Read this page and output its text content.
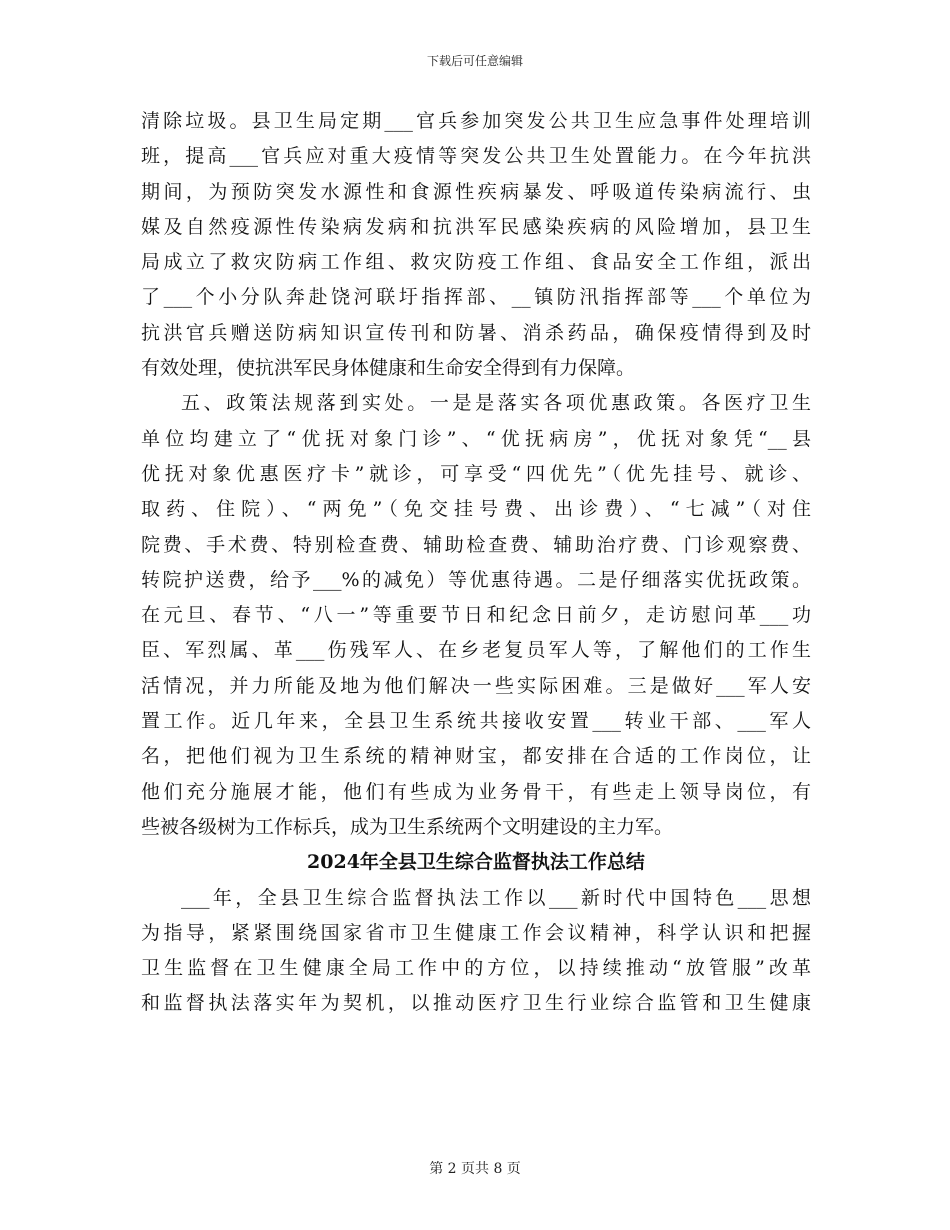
下载后可任意编辑
清除垃圾。县卫生局定期___官兵参加突发公共卫生应急事件处理培训
班，提高___官兵应对重大疫情等突发公共卫生处置能力。在今年抗洪
期间，为预防突发水源性和食源性疾病暴发、呼吸道传染病流行、虫
媒及自然疫源性传染病发病和抗洪军民感染疾病的风险增加，县卫生
局成立了救灾防病工作组、救灾防疫工作组、食品安全工作组，派出
了___个小分队奔赴饶河联圩指挥部、__镇防汛指挥部等___个单位为
抗洪官兵赠送防病知识宣传刊和防暑、消杀药品，确保疫情得到及时
有效处理，使抗洪军民身体健康和生命安全得到有力保障。
五、政策法规落到实处。一是是落实各项优惠政策。各医疗卫生
单位均建立了“优抚对象门诊”、“优抚病房”，优抚对象凭“__县
优抚对象优惠医疗卡”就诊，可享受“四优先”（优先挂号、就诊、
取药、住院）、“两免”（免交挂号费、出诊费）、“七减”（对住
院费、手术费、特别检查费、辅助检查费、辅助治疗费、门诊观察费、
转院护送费，给予___%的减免）等优惠待遇。二是仔细落实优抚政策。
在元旦、春节、“八一”等重要节日和纪念日前夕，走访慰问革___功
臣、军烈属、革___伤残军人、在乡老复员军人等，了解他们的工作生
活情况，并力所能及地为他们解决一些实际困难。三是做好___军人安
置工作。近几年来，全县卫生系统共接收安置___转业干部、___军人
名，把他们视为卫生系统的精神财宝，都安排在合适的工作岗位，让
他们充分施展才能，他们有些成为业务骨干，有些走上领导岗位，有
些被各级树为工作标兵，成为卫生系统两个文明建设的主力军。
2024年全县卫生综合监督执法工作总结
___年，全县卫生综合监督执法工作以___新时代中国特色___思想
为指导，紧紧围绕国家省市卫生健康工作会议精神，科学认识和把握
卫生监督在卫生健康全局工作中的方位，以持续推动“放管服”改革
和监督执法落实年为契机，以推动医疗卫生行业综合监管和卫生健康
第 2 页共 8 页
